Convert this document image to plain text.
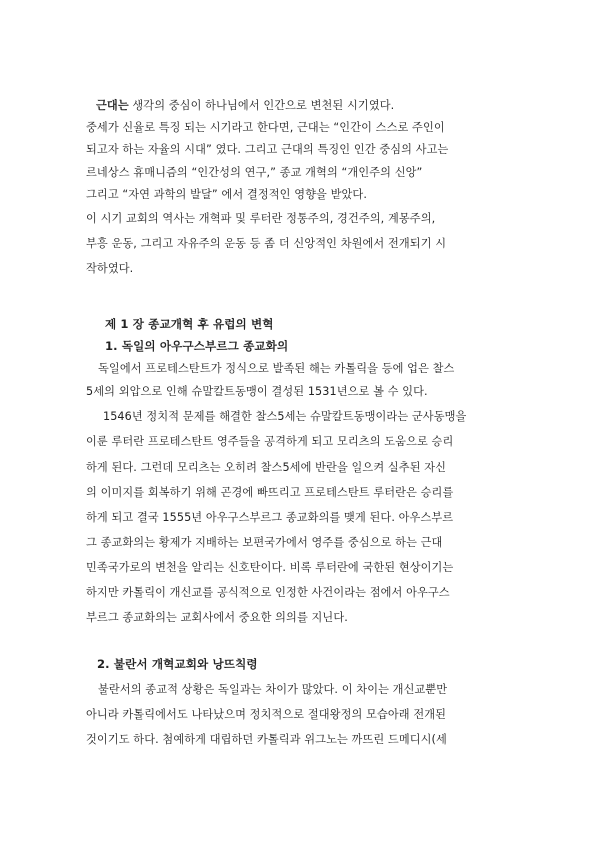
근대는 생각의 중심이 하나님에서 인간으로 변천된 시기였다.
중세가 신율로 특징 되는 시기라고 한다면, 근대는 “인간이 스스로 주인이
되고자 하는 자율의 시대” 였다. 그리고 근대의 특징인 인간 중심의 사고는
르네상스 휴매니즘의 “인간성의 연구,” 종교 개혁의 “개인주의 신앙”
그리고 “자연 과학의 발달” 에서 결정적인 영향을 받았다.
이 시기 교회의 역사는 개혁파 및 루터란 정통주의, 경건주의, 계몽주의,
부흥 운동, 그리고 자유주의 운동 등 좀 더 신앙적인 차원에서 전개되기 시
작하였다.
제 1 장 종교개혁 후 유럽의 변혁
1. 독일의 아우구스부르그 종교화의
독일에서 프로테스탄트가 정식으로 발족된 해는 카톨릭을 등에 업은 찰스
5세의 외압으로 인해 슈말칼트동맹이 결성된 1531년으로 볼 수 있다.
1546년 정치적 문제를 해결한 찰스5세는 슈말칼트동맹이라는 군사동맹을
이룬 루터란 프로테스탄트 영주들을 공격하게 되고 모리츠의 도움으로 승리
하게 된다. 그런데 모리츠는 오히려 찰스5세에 반란을 일으켜 실추된 자신
의 이미지를 회복하기 위해 곤경에 빠뜨리고 프로테스탄트 루터란은 승리를
하게 되고 결국 1555년 아우구스부르그 종교화의를 맺게 된다. 아우스부르
그 종교화의는 황제가 지배하는 보편국가에서 영주를 중심으로 하는 근대
민족국가로의 변천을 알리는 신호탄이다. 비록 루터란에 국한된 현상이기는
하지만 카톨릭이 개신교를 공식적으로 인정한 사건이라는 점에서 아우구스
부르그 종교화의는 교회사에서 중요한 의의를 지닌다.
2. 불란서 개혁교회와 낭뜨칙령
불란서의 종교적 상황은 독일과는 차이가 많았다. 이 차이는 개신교뿐만
아니라 카톨릭에서도 나타났으며 정치적으로 절대왕정의 모습아래 전개된
것이기도 하다. 첨예하게 대립하던 카톨릭과 위그노는 까뜨린 드메디시(세
